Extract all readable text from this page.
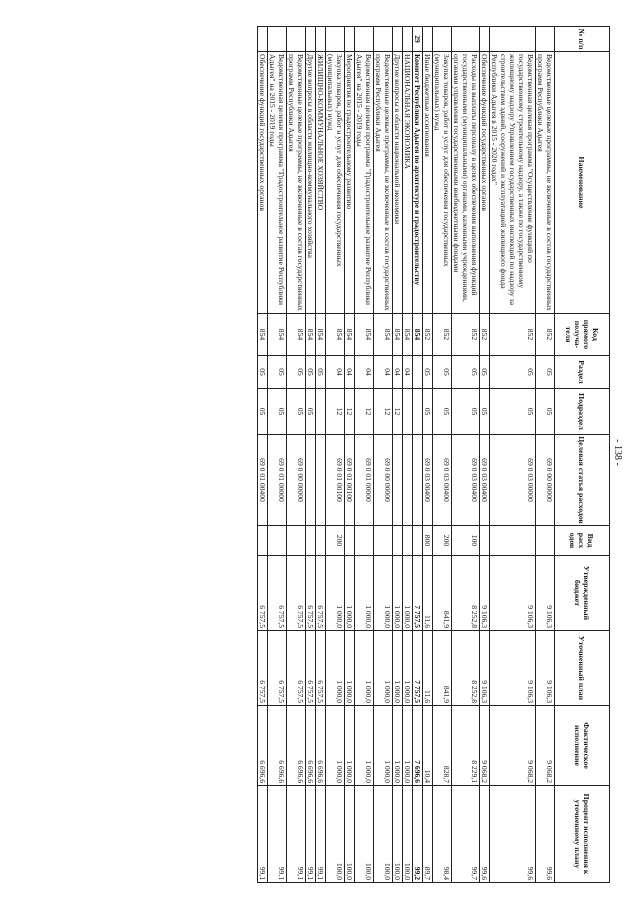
- 138 -
№ п/п	Наименование	Код прямого получа-теля	Раздел	Подраздел	Целевая статья расходов	Вид расх одов	Утвержденный бюджет	Уточненный план	Фактическое исполнение	Процент исполнения к уточненному плану
	Ведомственные целевые программы, не включенные в состав государственных программ Республики Адыгея	852	05	05	69 0 00 00000		9 106,3	9 106,3	9 068,2	99,6
	Ведомственная целевая программа "Осуществление функций по государственному строительному надзору, а также по государственному жилищному надзору Управлением государственных инспекций по надзору за строительством зданий, сооружений и эксплуатацией жилищного фонда Республики Адыгея в 2015 - 2020 годах"	852	05	05	69 0 03 00000		9 106,3	9 106,3	9 068,2	99,6
	Обеспечение функций государственных органов	852	05	05	69 0 03 00400		9 106,3	9 106,3	9 068,2	99,6
	Расходы на выплаты персоналу в целях обеспечения выполнения функций государственными (муниципальными) органами, казенными учреждениями, органами управления государственными внебюджетными фондами	852	05	05	69 0 03 00400	100	8 252,8	8 252,8	8 229,1	99,7
	Закупка товаров, работ и услуг для обеспечения государственных (муниципальных) нужд	852	05	05	69 0 03 00400	200	841,9	841,9	828,7	98,4
	Иные бюджетные ассигнования	852	05	05	69 0 03 00400	800	11,6	11,6	10,4	89,7
29	Комитет Республики Адыгея по архитектуре и градостроительству	854					7 757,5	7 757,5	7 696,6	99,2
	НАЦИОНАЛЬНАЯ ЭКОНОМИКА	854	04				1 000,0	1 000,0	1 000,0	100,0
	Другие вопросы в области национальной экономики	854	04	12			1 000,0	1 000,0	1 000,0	100,0
	Ведомственные целевые программы, не включенные в состав государственных программ Республики Адыгея	854	04	12	69 0 00 00000		1 000,0	1 000,0	1 000,0	100,0
	Ведомственная целевая программа "Градостроительное развитие Республики Адыгея" на 2015 - 2019 годы	854	04	12	69 0 01 00000		1 000,0	1 000,0	1 000,0	100,0
	Мероприятия по градостроительному развитию	854	04	12	69 0 01 00100		1 000,0	1 000,0	1 000,0	100,0
	Закупка товаров, работ и услуг для обеспечения государственных (муниципальных) нужд	854	04	12	69 0 01 00100	200	1 000,0	1 000,0	1 000,0	100,0
	ЖИЛИЩНО-КОММУНАЛЬНОЕ ХОЗЯЙСТВО	854	05				6 757,5	6 757,5	6 696,6	99,1
	Другие вопросы в области жилищно-коммунального хозяйства	854	05	05			6 757,5	6 757,5	6 696,6	99,1
	Ведомственные целевые программы, не включенные в состав государственных программ Республики Адыгея	854	05	05	69 0 00 00000		6 757,5	6 757,5	6 696,6	99,1
	Ведомственная целевая программа "Градостроительное развитие Республики Адыгея" на 2015 - 2019 годы	854	05	05	69 0 01 00000		6 757,5	6 757,5	6 696,6	99,1
	Обеспечение функций государственных органов	854	05	05	69 0 01 00400		6 757,5	6 757,5	6 696,6	99,1
